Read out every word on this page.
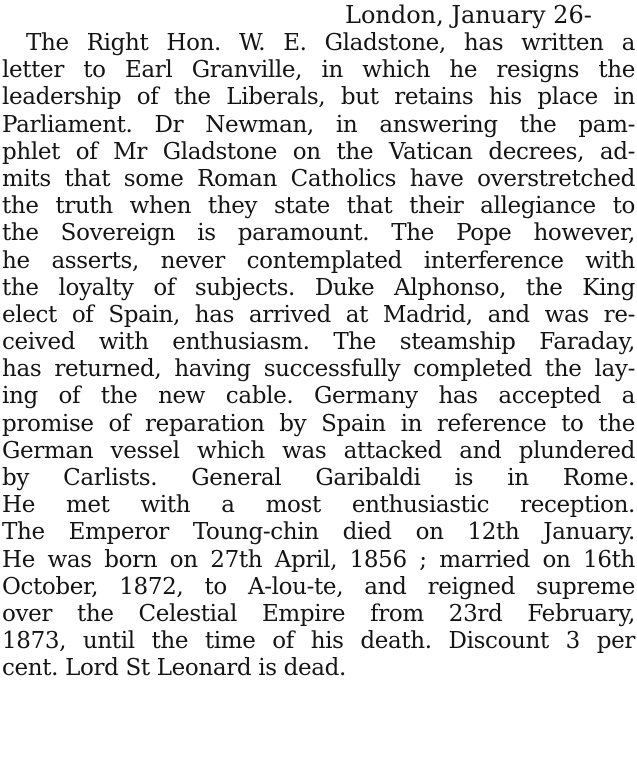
London, January 26-
The Right Hon. W. E. Gladstone, has written a
letter to Earl Granville, in which he resigns the
leadership of the Liberals, but retains his place in
Parliament. Dr Newman, in answering the pam-
phlet of Mr Gladstone on the Vatican decrees, ad-
mits that some Roman Catholics have overstretched
the truth when they state that their allegiance to
the Sovereign is paramount. The Pope however,
he asserts, never contemplated interference with
the loyalty of subjects. Duke Alphonso, the King
elect of Spain, has arrived at Madrid, and was re-
ceived with enthusiasm. The steamship Faraday,
has returned, having successfully completed the lay-
ing of the new cable. Germany has accepted a
promise of reparation by Spain in reference to the
German vessel which was attacked and plundered
by Carlists. General Garibaldi is in Rome.
He met with a most enthusiastic reception.
The Emperor Toung-chin died on 12th January.
He was born on 27th April, 1856 ; married on 16th
October, 1872, to A-lou-te, and reigned supreme
over the Celestial Empire from 23rd February,
1873, until the time of his death. Discount 3 per
cent. Lord St Leonard is dead.
